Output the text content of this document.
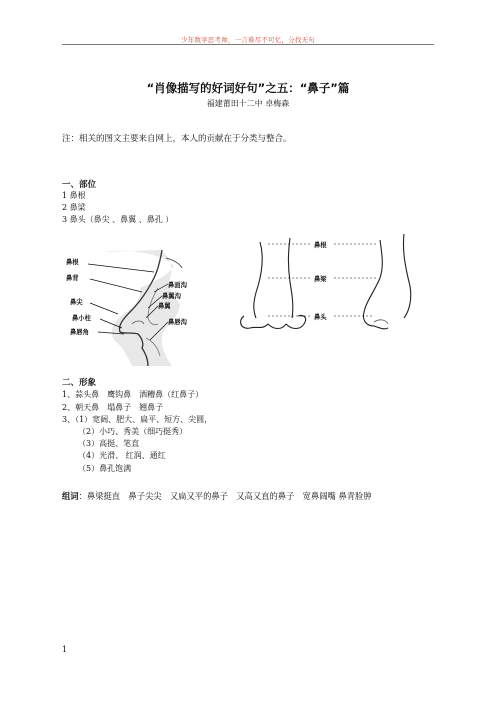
少年数学思考帅，一言难尽不可忆，分找无句
“肖像描写的好词好句”之五：“鼻子”篇
福建莆田十二中 卓梅森
注：相关的图文主要来自网上，本人的贡献在于分类与整合。
一、部位
1 鼻根
2 鼻梁
3 鼻头（鼻尖 、鼻翼 、鼻孔 ）
鼻根
鼻背
鼻尖
鼻小柱
鼻唇角
鼻面沟
鼻翼沟
鼻翼
鼻唇沟
鼻根
鼻梁
鼻头
二、形象
1、蒜头鼻　鹰钩鼻　酒糟鼻（红鼻子）
2、朝天鼻　塌鼻子　翘鼻子
3、（1）宽阔、肥大、扁平、短方、尖圆，
（2）小巧、秀美（细巧挺秀）
（3）高挺、笔直
（4）光滑、 红润、通红
（5）鼻孔饱满
组词：鼻梁挺直　鼻子尖尖　又扁又平的鼻子　又高又直的鼻子　宽鼻阔嘴 鼻青脸肿
1
